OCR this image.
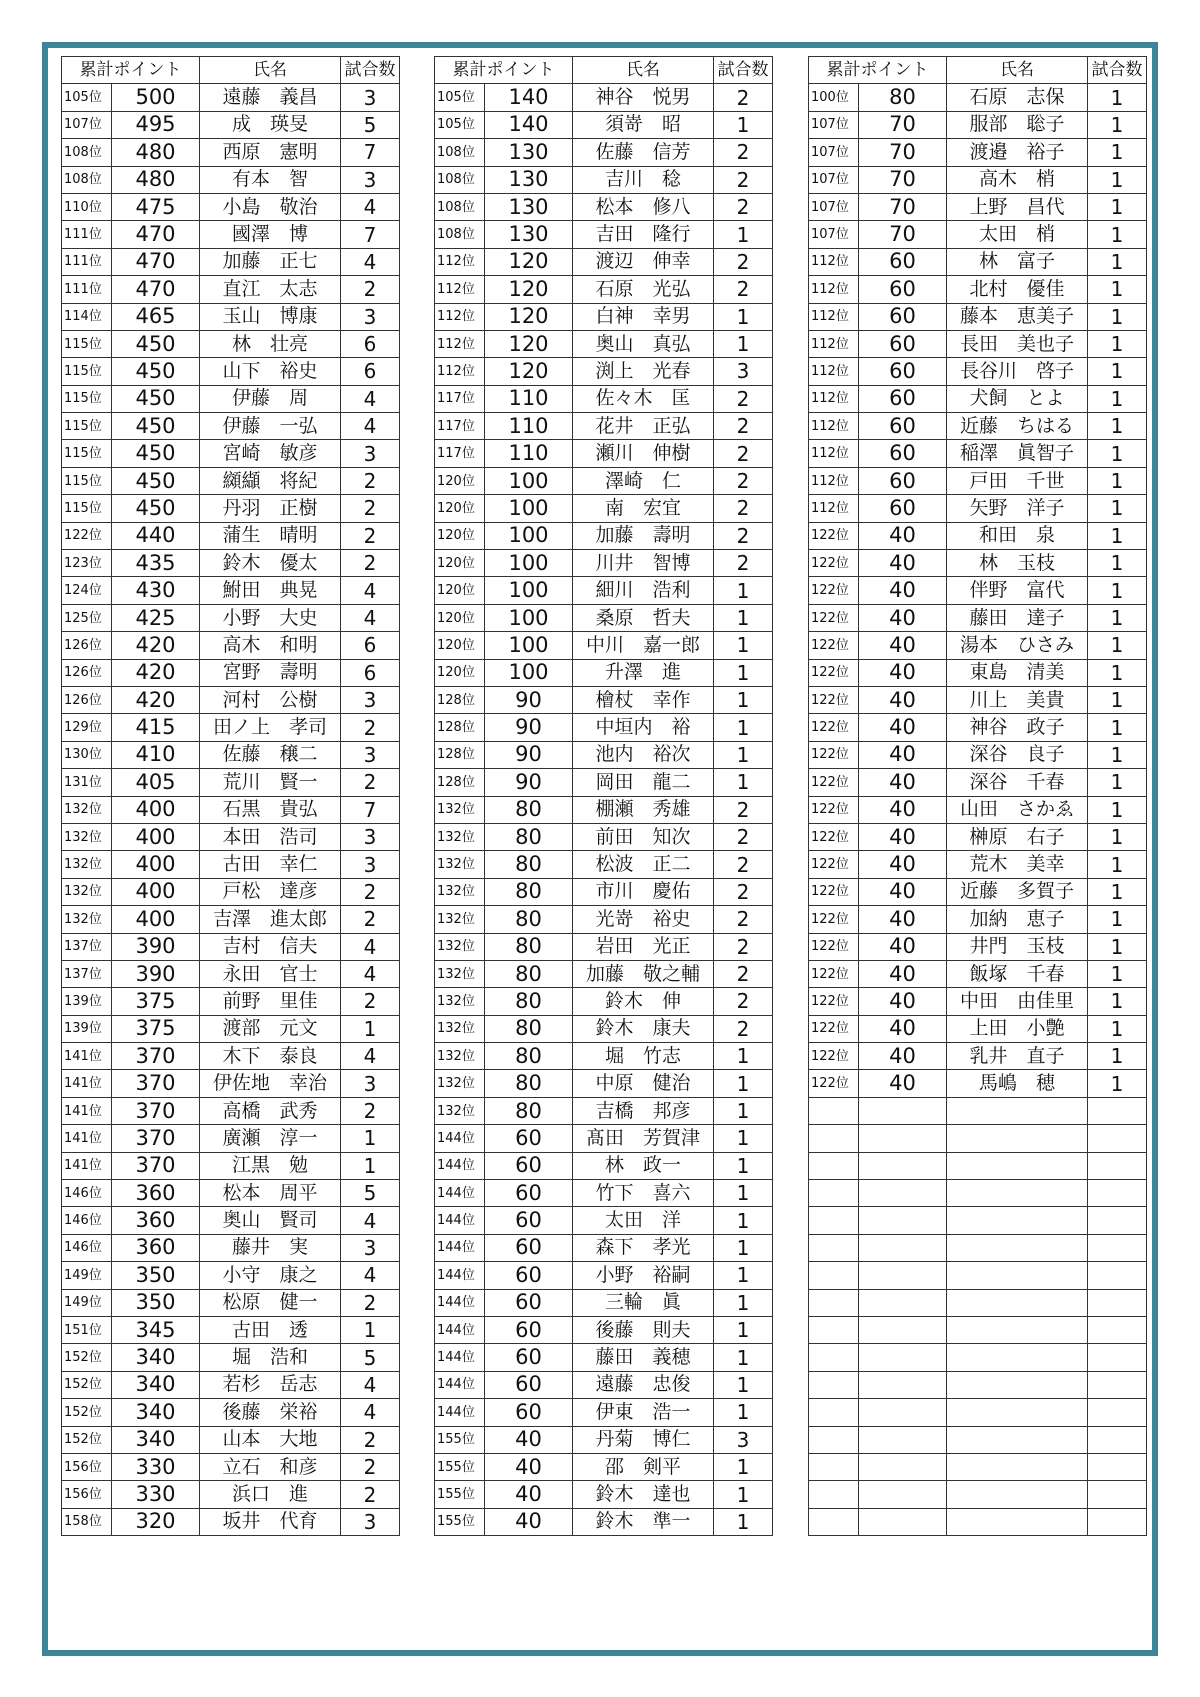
累計ポイント		氏名	試合数
105位	500	遠藤　義昌	3
107位	495	成　瑛旻	5
108位	480	西原　憲明	7
108位	480	有本　智	3
110位	475	小島　敬治	4
111位	470	國澤　博	7
111位	470	加藤　正七	4
111位	470	直江　太志	2
114位	465	玉山　博康	3
115位	450	林　壮亮	6
115位	450	山下　裕史	6
115位	450	伊藤　周	4
115位	450	伊藤　一弘	4
115位	450	宮崎　敏彦	3
115位	450	纐纈　将紀	2
115位	450	丹羽　正樹	2
122位	440	蒲生　晴明	2
123位	435	鈴木　優太	2
124位	430	鮒田　典晃	4
125位	425	小野　大史	4
126位	420	高木　和明	6
126位	420	宮野　壽明	6
126位	420	河村　公樹	3
129位	415	田ノ上　孝司	2
130位	410	佐藤　穣二	3
131位	405	荒川　賢一	2
132位	400	石黒　貴弘	7
132位	400	本田　浩司	3
132位	400	古田　幸仁	3
132位	400	戸松　達彦	2
132位	400	吉澤　進太郎	2
137位	390	吉村　信夫	4
137位	390	永田　官士	4
139位	375	前野　里佳	2
139位	375	渡部　元文	1
141位	370	木下　泰良	4
141位	370	伊佐地　幸治	3
141位	370	高橋　武秀	2
141位	370	廣瀬　淳一	1
141位	370	江黒　勉	1
146位	360	松本　周平	5
146位	360	奥山　賢司	4
146位	360	藤井　実	3
149位	350	小守　康之	4
149位	350	松原　健一	2
151位	345	古田　透	1
152位	340	堀　浩和	5
152位	340	若杉　岳志	4
152位	340	後藤　栄裕	4
152位	340	山本　大地	2
156位	330	立石　和彦	2
156位	330	浜口　進	2
158位	320	坂井　代育	3
累計ポイント		氏名	試合数
105位	140	神谷　悦男	2
105位	140	須嵜　昭	1
108位	130	佐藤　信芳	2
108位	130	吉川　稔	2
108位	130	松本　修八	2
108位	130	吉田　隆行	1
112位	120	渡辺　伸幸	2
112位	120	石原　光弘	2
112位	120	白神　幸男	1
112位	120	奥山　真弘	1
112位	120	渕上　光春	3
117位	110	佐々木　匡	2
117位	110	花井　正弘	2
117位	110	瀬川　伸樹	2
120位	100	澤崎　仁	2
120位	100	南　宏宜	2
120位	100	加藤　壽明	2
120位	100	川井　智博	2
120位	100	細川　浩利	1
120位	100	桑原　哲夫	1
120位	100	中川　嘉一郎	1
120位	100	升澤　進	1
128位	90	檜杖　幸作	1
128位	90	中垣内　裕	1
128位	90	池内　裕次	1
128位	90	岡田　龍二	1
132位	80	棚瀬　秀雄	2
132位	80	前田　知次	2
132位	80	松波　正二	2
132位	80	市川　慶佑	2
132位	80	光嵜　裕史	2
132位	80	岩田　光正	2
132位	80	加藤　敬之輔	2
132位	80	鈴木　伸	2
132位	80	鈴木　康夫	2
132位	80	堀　竹志	1
132位	80	中原　健治	1
132位	80	吉橋　邦彦	1
144位	60	髙田　芳賀津	1
144位	60	林　政一	1
144位	60	竹下　喜六	1
144位	60	太田　洋	1
144位	60	森下　孝光	1
144位	60	小野　裕嗣	1
144位	60	三輪　眞	1
144位	60	後藤　則夫	1
144位	60	藤田　義穂	1
144位	60	遠藤　忠俊	1
144位	60	伊東　浩一	1
155位	40	丹菊　博仁	3
155位	40	邵　剣平	1
155位	40	鈴木　達也	1
155位	40	鈴木　準一	1
累計ポイント		氏名	試合数
100位	80	石原　志保	1
107位	70	服部　聡子	1
107位	70	渡邉　裕子	1
107位	70	高木　梢	1
107位	70	上野　昌代	1
107位	70	太田　梢	1
112位	60	林　富子	1
112位	60	北村　優佳	1
112位	60	藤本　恵美子	1
112位	60	長田　美也子	1
112位	60	長谷川　啓子	1
112位	60	犬飼　とよ	1
112位	60	近藤　ちはる	1
112位	60	稲澤　眞智子	1
112位	60	戸田　千世	1
112位	60	矢野　洋子	1
122位	40	和田　泉	1
122位	40	林　玉枝	1
122位	40	伴野　富代	1
122位	40	藤田　達子	1
122位	40	湯本　ひさみ	1
122位	40	東島　清美	1
122位	40	川上　美貴	1
122位	40	神谷　政子	1
122位	40	深谷　良子	1
122位	40	深谷　千春	1
122位	40	山田　さかゑ	1
122位	40	榊原　右子	1
122位	40	荒木　美幸	1
122位	40	近藤　多賀子	1
122位	40	加納　恵子	1
122位	40	井門　玉枝	1
122位	40	飯塚　千春	1
122位	40	中田　由佳里	1
122位	40	上田　小艶	1
122位	40	乳井　直子	1
122位	40	馬嶋　穂	1
